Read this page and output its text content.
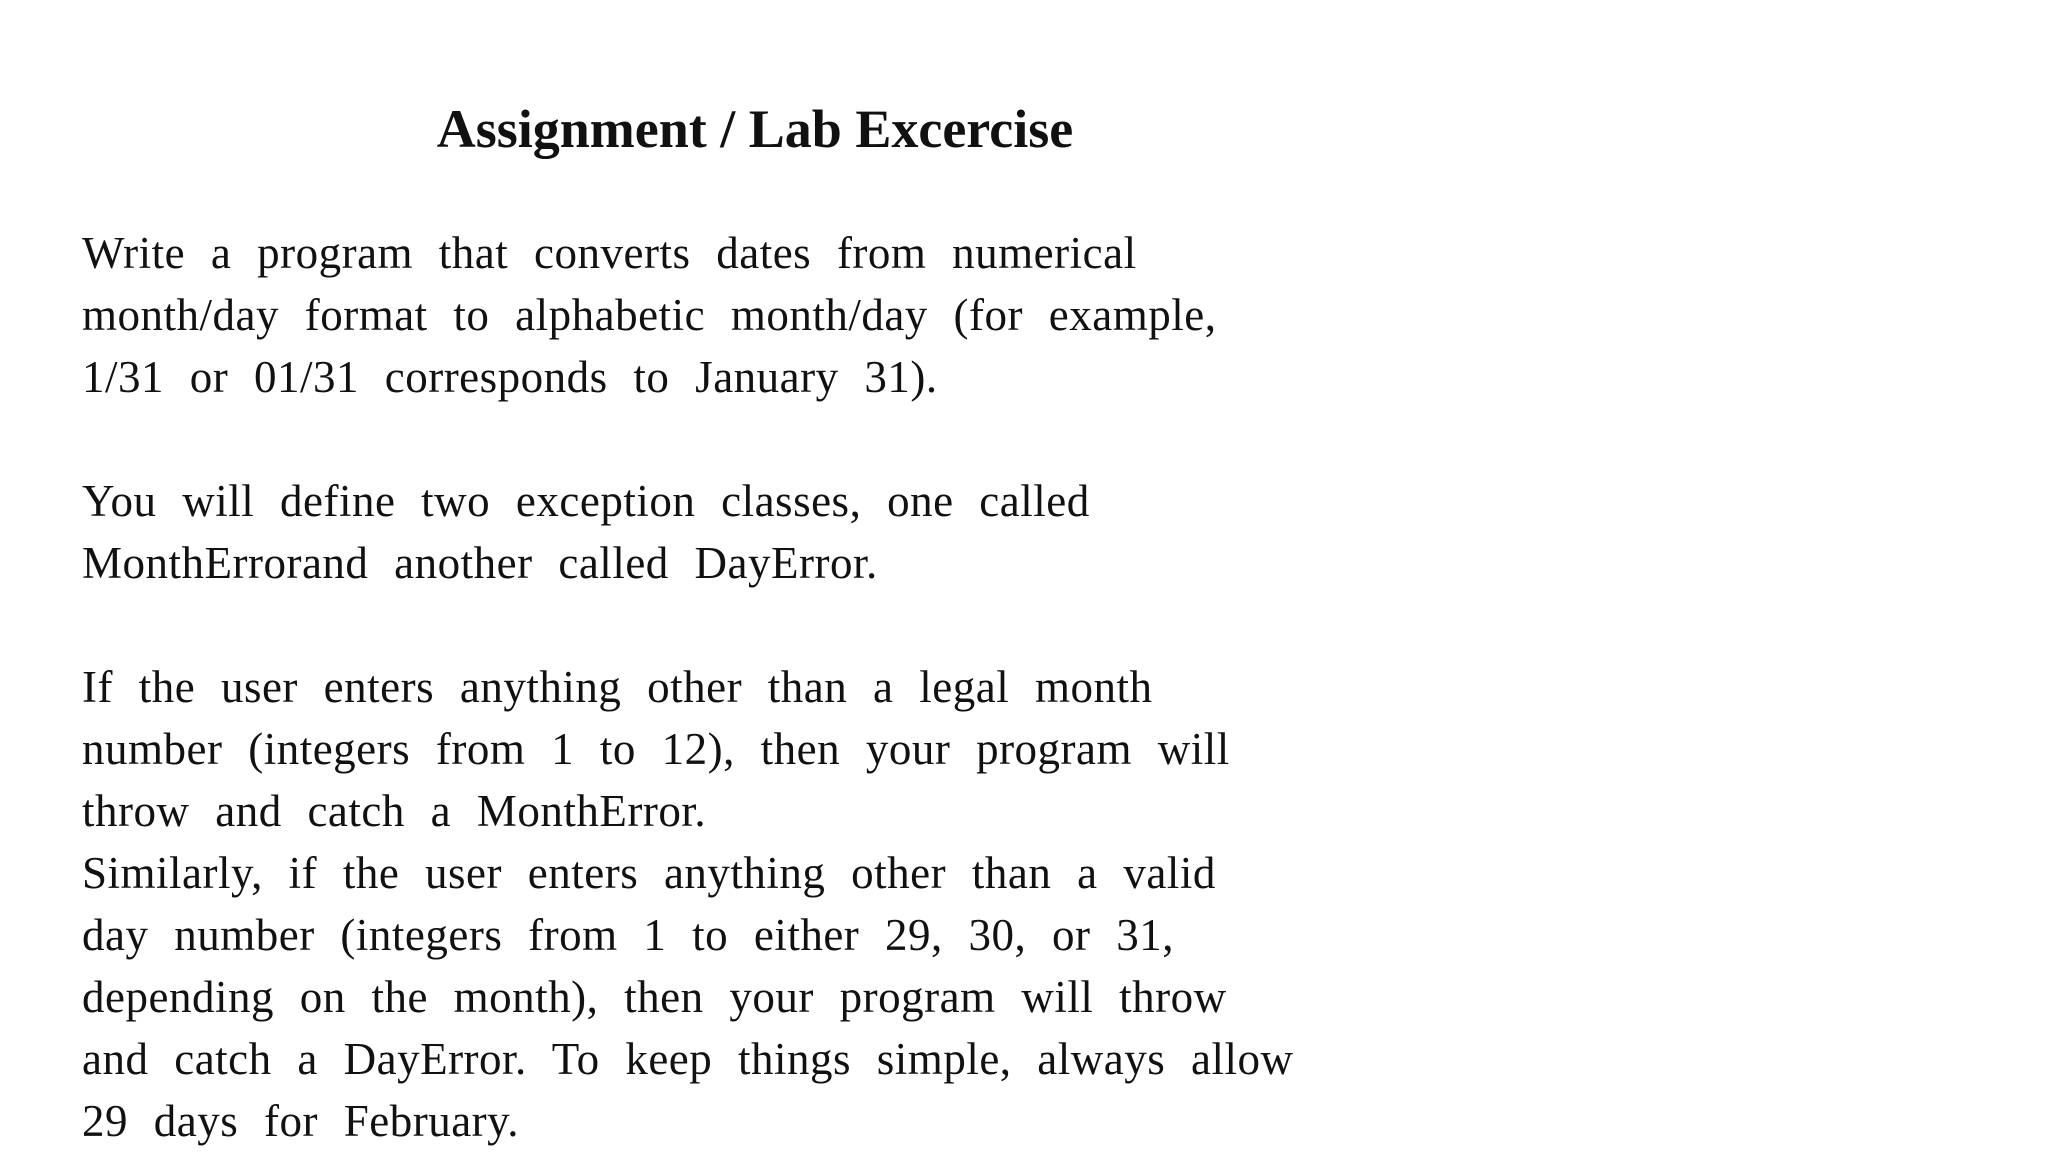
Assignment / Lab Excercise

Write a program that converts dates from numerical
month/day format to alphabetic month/day (for example,
1/31 or 01/31 corresponds to January 31).

You will define two exception classes, one called
MonthErrorand another called DayError.

If the user enters anything other than a legal month
number (integers from 1 to 12), then your program will
throw and catch a MonthError.

Similarly, if the user enters anything other than a valid
day number (integers from 1 to either 29, 30, or 31,
depending on the month), then your program will throw
and catch a DayError. To keep things simple, always allow
29 days for February.
